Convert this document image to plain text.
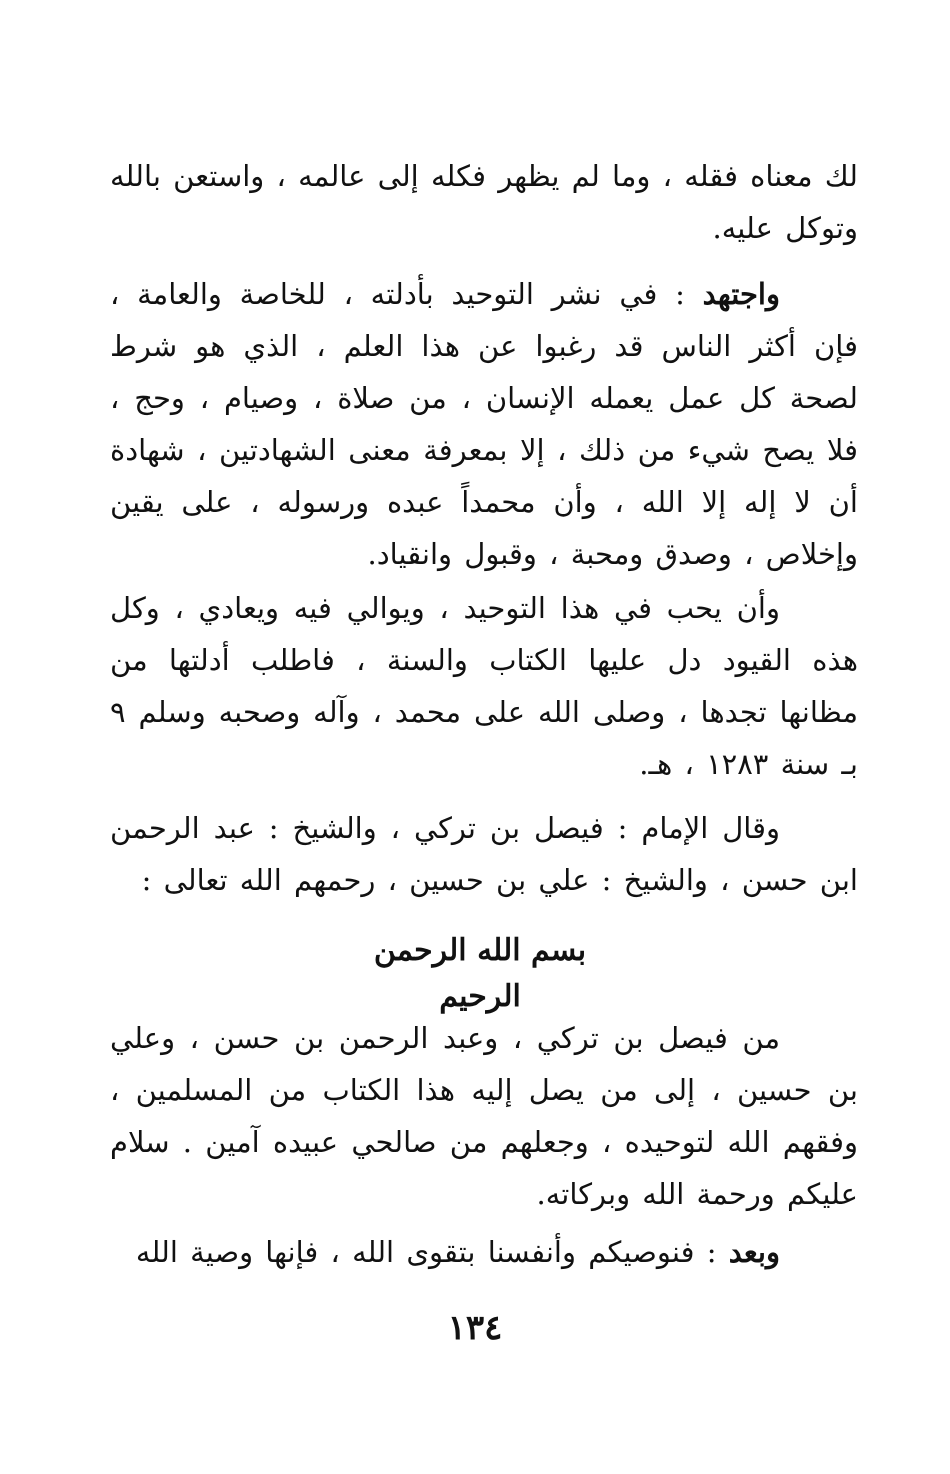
لك معناه فقله ، وما لم يظهر فكله إلى عالمه ، واستعن بالله وتوكل عليه.

واجتهد : في نشر التوحيد بأدلته ، للخاصة والعامة ، فإن أكثر الناس قد رغبوا عن هذا العلم ، الذي هو شرط لصحة كل عمل يعمله الإنسان ، من صلاة ، وصيام ، وحج ، فلا يصح شيء من ذلك ، إلا بمعرفة معنى الشهادتين ، شهادة أن لا إله إلا الله ، وأن محمداً عبده ورسوله ، على يقين وإخلاص ، وصدق ومحبة ، وقبول وانقياد.

وأن يحب في هذا التوحيد ، ويوالي فيه ويعادي ، وكل هذه القيود دل عليها الكتاب والسنة ، فاطلب أدلتها من مظانها تجدها ، وصلى الله على محمد ، وآله وصحبه وسلم ٩ بـ سنة ١٢٨٣ ، هـ.

وقال الإمام : فيصل بن تركي ، والشيخ : عبد الرحمن ابن حسن ، والشيخ : علي بن حسين ، رحمهم الله تعالى :

بسم الله الرحمن الرحيم

من فيصل بن تركي ، وعبد الرحمن بن حسن ، وعلي بن حسين ، إلى من يصل إليه هذا الكتاب من المسلمين ، وفقهم الله لتوحيده ، وجعلهم من صالحي عبيده آمين . سلام عليكم ورحمة الله وبركاته.

وبعد : فنوصيكم وأنفسنا بتقوى الله ، فإنها وصية الله

١٣٤
